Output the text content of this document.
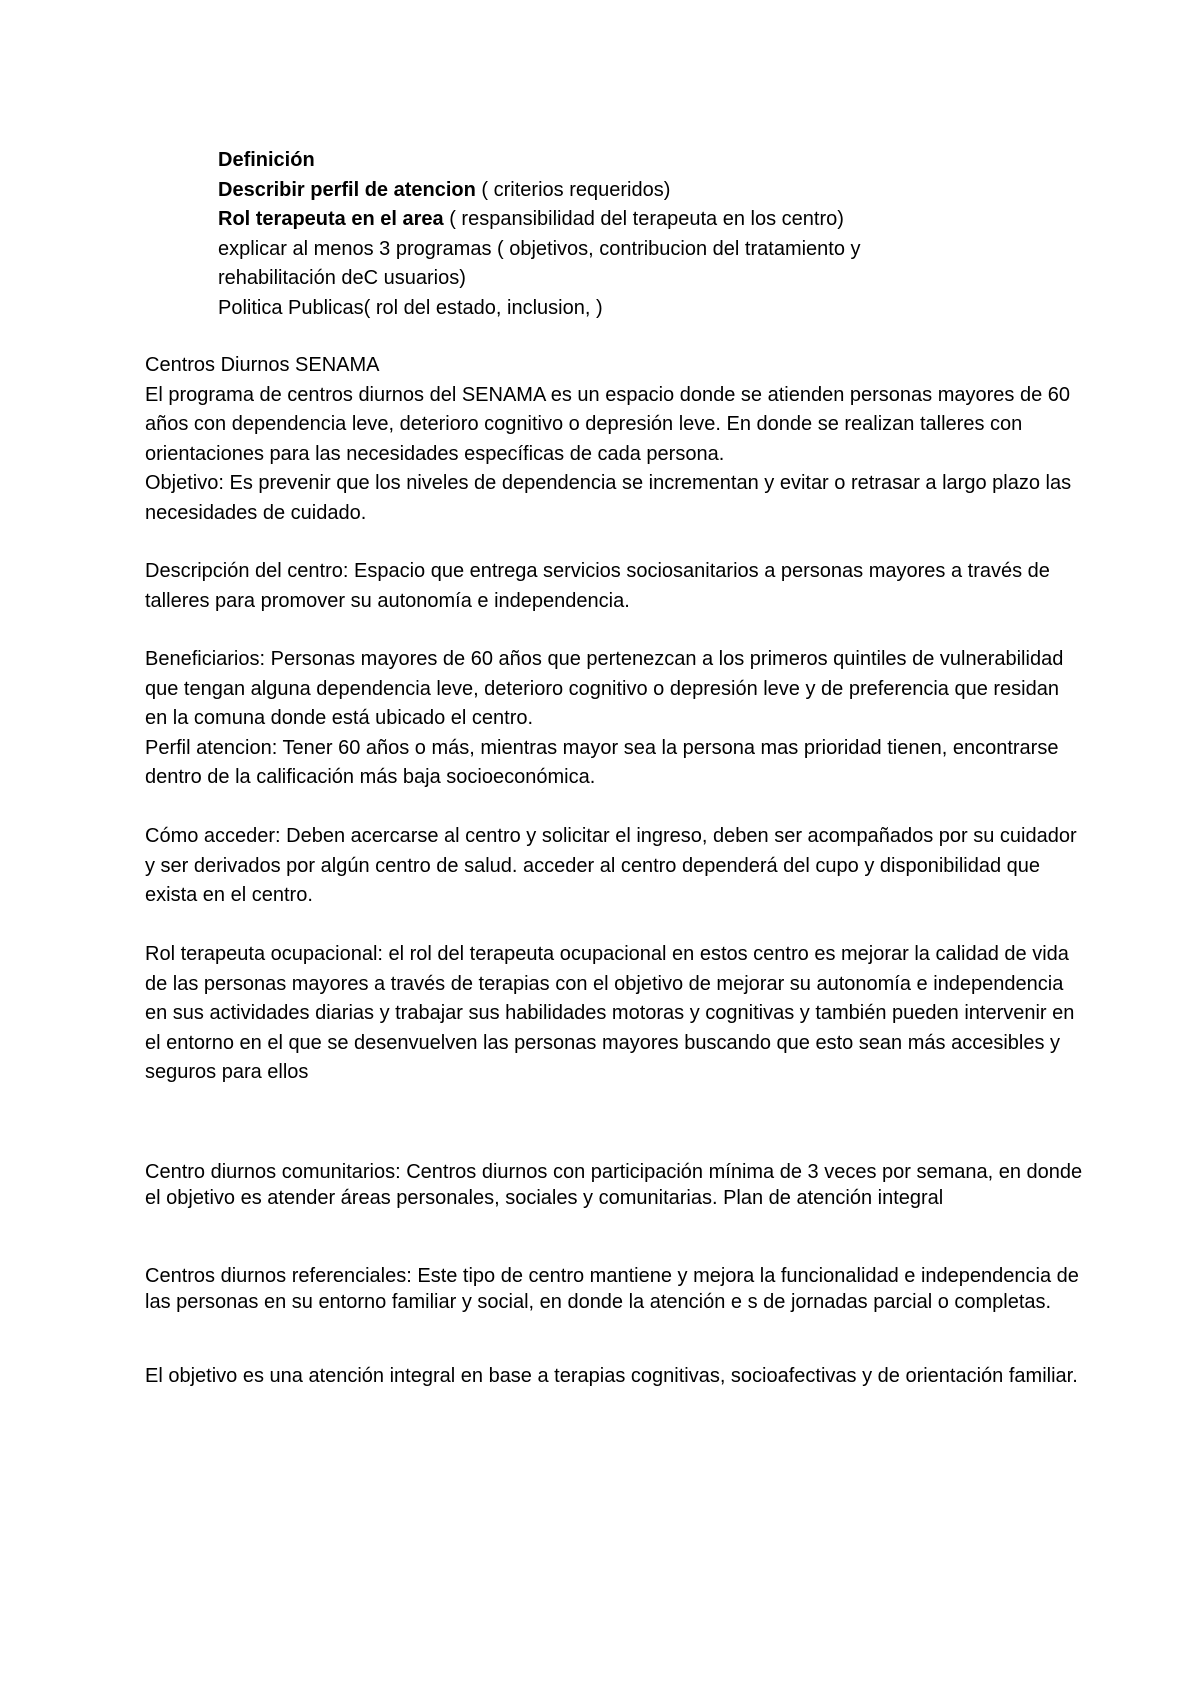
Definición
Describir perfil de atencion ( criterios requeridos)
Rol terapeuta en el area ( respansibilidad del terapeuta en los centro)
explicar al menos 3 programas ( objetivos, contribucion del tratamiento y
rehabilitación deC usuarios)
Politica Publicas( rol del estado, inclusion, )

Centros Diurnos SENAMA

El programa de centros diurnos del SENAMA es un espacio donde se atienden personas mayores de 60 años con dependencia leve, deterioro cognitivo o depresión leve. En donde se realizan talleres con orientaciones para las necesidades específicas de cada persona.

Objetivo: Es prevenir que los niveles de dependencia se incrementan y evitar o retrasar a largo plazo las necesidades de cuidado.

Descripción del centro: Espacio que entrega servicios sociosanitarios a personas mayores a través de talleres para promover su autonomía e independencia.

Beneficiarios: Personas mayores de 60 años que pertenezcan a los primeros quintiles de vulnerabilidad que tengan alguna dependencia leve, deterioro cognitivo o depresión leve y de preferencia que residan en la comuna donde está ubicado el centro.

Perfil atencion: Tener 60 años o más, mientras mayor sea la persona mas prioridad tienen, encontrarse dentro de la calificación más baja socioeconómica.

Cómo acceder: Deben acercarse al centro y solicitar el ingreso, deben ser acompañados por su cuidador y ser derivados por algún centro de salud. acceder al centro dependerá del cupo y disponibilidad que exista en el centro.

Rol terapeuta ocupacional: el rol del terapeuta ocupacional en estos centro es mejorar la calidad de vida de las personas mayores a través de terapias con el objetivo de mejorar su autonomía e independencia en sus actividades diarias y trabajar sus habilidades motoras y cognitivas y también pueden intervenir en el entorno en el que se desenvuelven las personas mayores buscando que esto sean más accesibles y seguros para ellos

Centro diurnos comunitarios: Centros diurnos con participación mínima de 3 veces por semana, en donde el objetivo es atender áreas personales, sociales y comunitarias. Plan de atención integral

Centros diurnos referenciales: Este tipo de centro mantiene y mejora la funcionalidad e independencia de las personas en su entorno familiar y social, en donde la atención e s de jornadas parcial o completas.

El objetivo es una atención integral en base a terapias cognitivas, socioafectivas y de orientación familiar.
